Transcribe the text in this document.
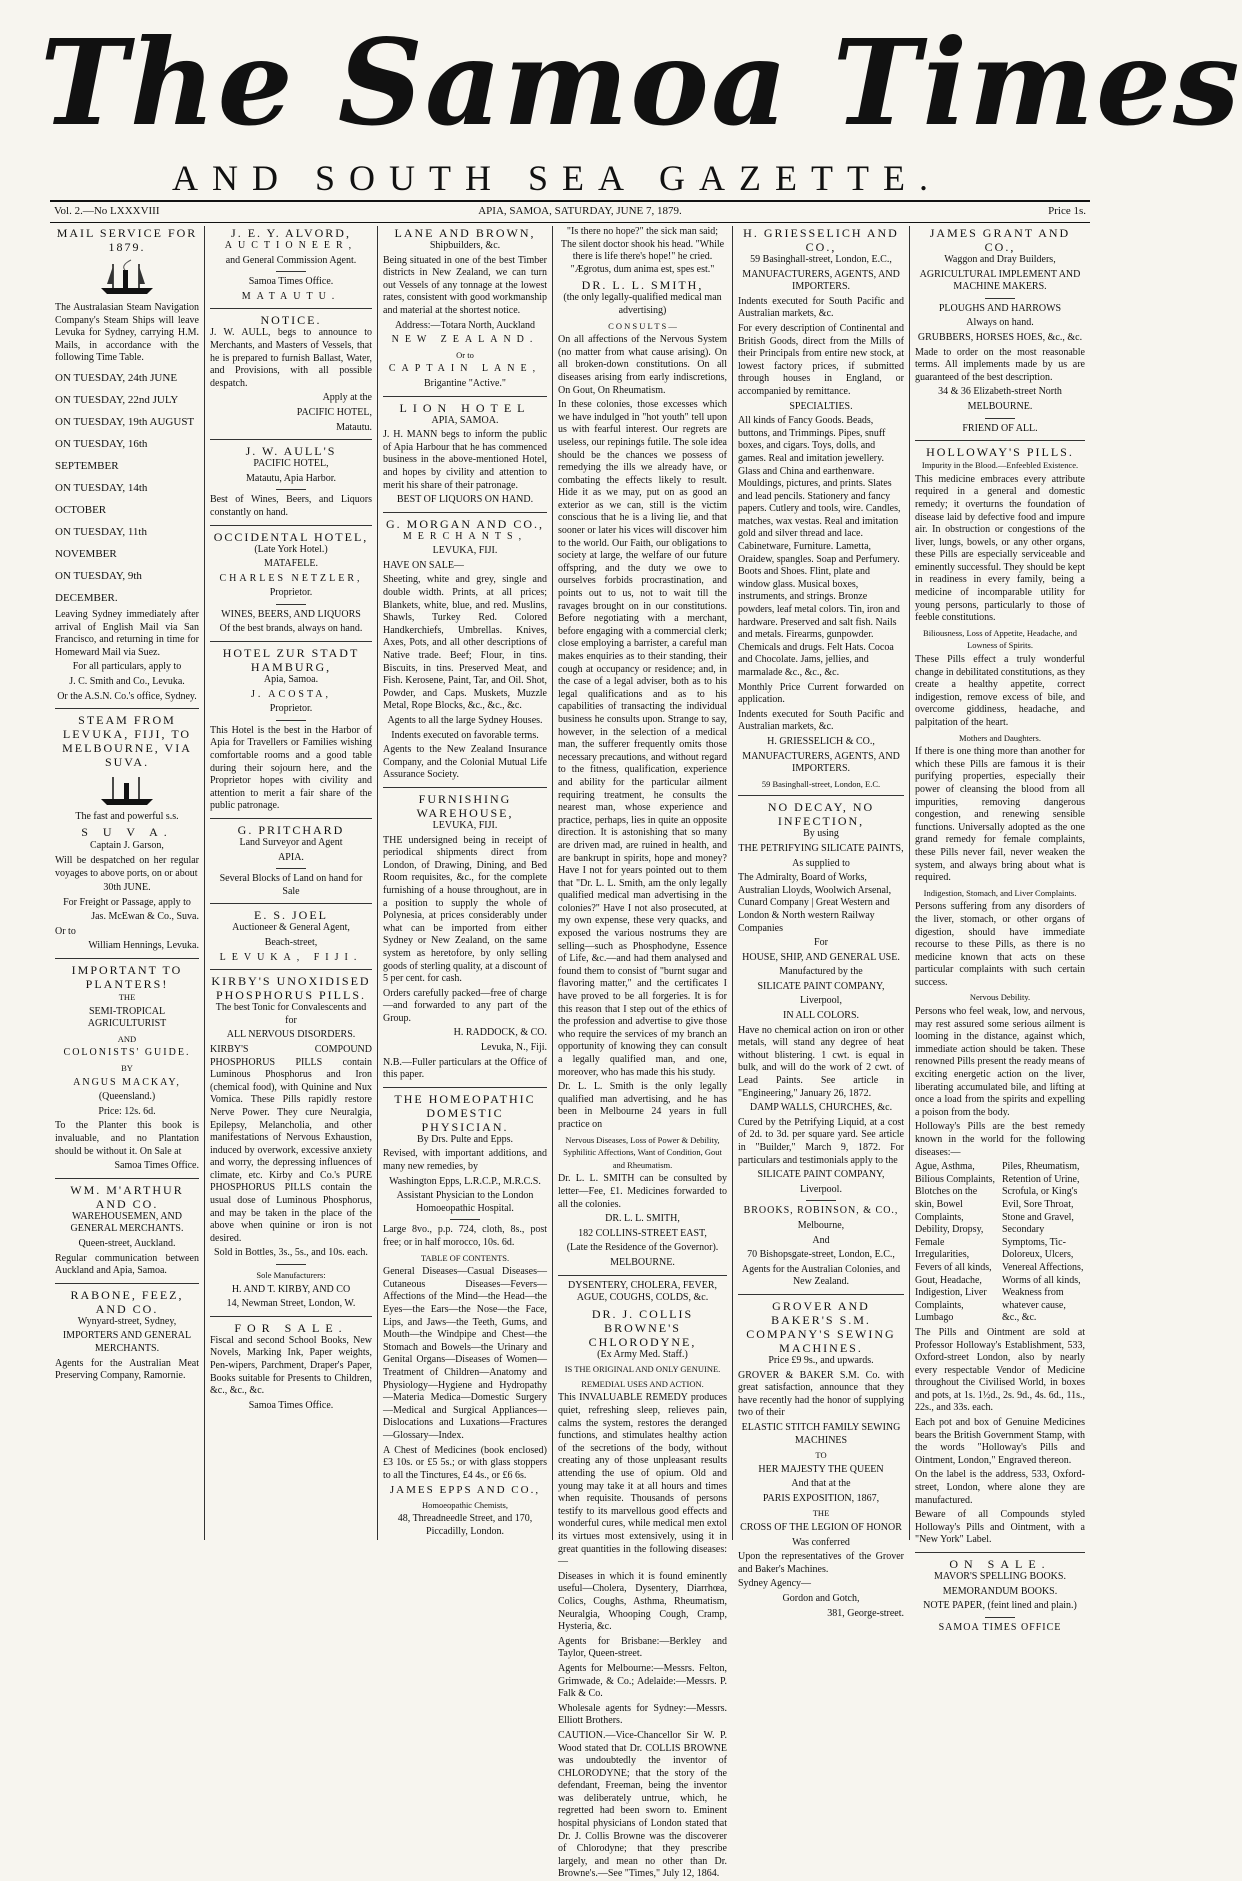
The Samoa Times
AND SOUTH SEA GAZETTE.
Vol. 2.—No LXXXVIII	APIA, SAMOA, SATURDAY, JUNE 7, 1879.	Price 1s.

MAIL SERVICE FOR 1879.

The Australasian Steam Navigation Company's Steam Ships will leave Levuka for Sydney, carrying H.M. Mails, in accordance with the following Time Table.

ON TUESDAY, 24th JUNE
ON TUESDAY, 22nd JULY
ON TUESDAY, 19th AUGUST
ON TUESDAY, 16th SEPTEMBER
ON TUESDAY, 14th OCTOBER
ON TUESDAY, 11th NOVEMBER
ON TUESDAY, 9th DECEMBER.

Leaving Sydney immediately after arrival of English Mail via San Francisco, and returning in time for Homeward Mail via Suez.

For all particulars, apply to

J. C. Smith and Co., Levuka.

Or the A.S.N. Co.'s office, Sydney.

STEAM FROM LEVUKA, FIJI, TO MELBOURNE, VIA SUVA.

The fast and powerful s.s.

S U V A.

Captain J. Garson,

Will be despatched on her regular voyages to above ports, on or about

30th JUNE.

For Freight or Passage, apply to

Jas. McEwan & Co., Suva.

Or to

William Hennings, Levuka.

IMPORTANT TO PLANTERS!

THE

SEMI-TROPICAL AGRICULTURIST

AND

COLONISTS' GUIDE.

BY

ANGUS MACKAY,

(Queensland.)

Price: 12s. 6d.

To the Planter this book is invaluable, and no Plantation should be without it. On Sale at

Samoa Times Office.

WM. M'ARTHUR AND CO.

WAREHOUSEMEN, AND GENERAL MERCHANTS.

Queen-street, Auckland.

Regular communication between Auckland and Apia, Samoa.

RABONE, FEEZ, AND CO.

Wynyard-street, Sydney,

IMPORTERS AND GENERAL MERCHANTS.

Agents for the Australian Meat Preserving Company, Ramornie.

J. E. Y. ALVORD,

AUCTIONEER,

and General Commission Agent.

Samoa Times Office.

MATAUTU.

NOTICE.

J. W. AULL, begs to announce to Merchants, and Masters of Vessels, that he is prepared to furnish Ballast, Water, and Provisions, with all possible despatch.

Apply at the

PACIFIC HOTEL,

Matautu.

J. W. AULL'S

PACIFIC HOTEL,

Matautu, Apia Harbor.

Best of Wines, Beers, and Liquors constantly on hand.

OCCIDENTAL HOTEL,

(Late York Hotel.)

MATAFELE.

CHARLES NETZLER,

Proprietor.

WINES, BEERS, AND LIQUORS

Of the best brands, always on hand.

HOTEL ZUR STADT HAMBURG,

Apia, Samoa.

J. ACOSTA,

Proprietor.

This Hotel is the best in the Harbor of Apia for Travellers or Families wishing comfortable rooms and a good table during their sojourn here, and the Proprietor hopes with civility and attention to merit a fair share of the public patronage.

G. PRITCHARD

Land Surveyor and Agent

APIA.

Several Blocks of Land on hand for Sale

E. S. JOEL

Auctioneer & General Agent,

Beach-street,

LEVUKA, FIJI.

KIRBY'S UNOXIDISED PHOSPHORUS PILLS.

The best Tonic for Convalescents and for

ALL NERVOUS DISORDERS.

KIRBY'S COMPOUND PHOSPHORUS PILLS contain Luminous Phosphorus and Iron (chemical food), with Quinine and Nux Vomica. These Pills rapidly restore Nerve Power. They cure Neuralgia, Epilepsy, Melancholia, and other manifestations of Nervous Exhaustion, induced by overwork, excessive anxiety and worry, the depressing influences of climate, etc. Kirby and Co.'s PURE PHOSPHORUS PILLS contain the usual dose of Luminous Phosphorus, and may be taken in the place of the above when quinine or iron is not desired.

Sold in Bottles, 3s., 5s., and 10s. each.

Sole Manufacturers:

H. AND T. KIRBY, AND CO

14, Newman Street, London, W.

FOR SALE.

Fiscal and second School Books, New Novels, Marking Ink, Paper weights, Pen-wipers, Parchment, Draper's Paper, Books suitable for Presents to Children, &c., &c., &c.

Samoa Times Office.

LANE AND BROWN,

Shipbuilders, &c.

Being situated in one of the best Timber districts in New Zealand, we can turn out Vessels of any tonnage at the lowest rates, consistent with good workmanship and material at the shortest notice.

Address:—Totara North, Auckland

NEW ZEALAND.

Or to

CAPTAIN LANE,

Brigantine "Active."

LION HOTEL

APIA, SAMOA.

J. H. MANN begs to inform the public of Apia Harbour that he has commenced business in the above-mentioned Hotel, and hopes by civility and attention to merit his share of their patronage.

BEST OF LIQUORS ON HAND.

G. MORGAN AND CO.,

MERCHANTS,

LEVUKA, FIJI.

HAVE ON SALE—

Sheeting, white and grey, single and double width. Prints, at all prices; Blankets, white, blue, and red. Muslins, Shawls, Turkey Red. Colored Handkerchiefs, Umbrellas. Knives, Axes, Pots, and all other descriptions of Native trade. Beef; Flour, in tins. Biscuits, in tins. Preserved Meat, and Fish. Kerosene, Paint, Tar, and Oil. Shot, Powder, and Caps. Muskets, Muzzle Metal, Rope Blocks, &c., &c., &c.

Agents to all the large Sydney Houses.

Indents executed on favorable terms.

Agents to the New Zealand Insurance Company, and the Colonial Mutual Life Assurance Society.

FURNISHING WAREHOUSE,

LEVUKA, FIJI.

THE undersigned being in receipt of periodical shipments direct from London, of Drawing, Dining, and Bed Room requisites, &c., for the complete furnishing of a house throughout, are in a position to supply the whole of Polynesia, at prices considerably under what can be imported from either Sydney or New Zealand, on the same system as heretofore, by only selling goods of sterling quality, at a discount of 5 per cent. for cash.

Orders carefully packed—free of charge—and forwarded to any part of the Group.

H. RADDOCK, & CO.

Levuka, N., Fiji.

N.B.—Fuller particulars at the Office of this paper.

THE HOMEOPATHIC DOMESTIC PHYSICIAN.

By Drs. Pulte and Epps.

Revised, with important additions, and many new remedies, by

Washington Epps, L.R.C.P., M.R.C.S.

Assistant Physician to the London Homoeopathic Hospital.

Large 8vo., p.p. 724, cloth, 8s., post free; or in half morocco, 10s. 6d.

TABLE OF CONTENTS.

General Diseases—Casual Diseases—Cutaneous Diseases—Fevers—Affections of the Mind—the Head—the Eyes—the Ears—the Nose—the Face, Lips, and Jaws—the Teeth, Gums, and Mouth—the Windpipe and Chest—the Stomach and Bowels—the Urinary and Genital Organs—Diseases of Women—Treatment of Children—Anatomy and Physiology—Hygiene and Hydropathy—Materia Medica—Domestic Surgery—Medical and Surgical Appliances—Dislocations and Luxations—Fractures—Glossary—Index.

A Chest of Medicines (book enclosed) £3 10s. or £5 5s.; or with glass stoppers to all the Tinctures, £4 4s., or £6 6s.

JAMES EPPS AND CO.,

Homoeopathic Chemists,

48, Threadneedle Street, and 170, Piccadilly, London.

"Is there no hope?" the sick man said; The silent doctor shook his head. "While there is life there's hope!" he cried. "Ægrotus, dum anima est, spes est."

DR. L. L. SMITH,

(the only legally-qualified medical man advertising)

C O N S U L T S —

On all affections of the Nervous System (no matter from what cause arising). On all broken-down constitutions. On all diseases arising from early indiscretions, On Gout, On Rheumatism.

In these colonies, those excesses which we have indulged in "hot youth" tell upon us with fearful interest. Our regrets are useless, our repinings futile. The sole idea should be the chances we possess of remedying the ills we already have, or combating the effects likely to result. Hide it as we may, put on as good an exterior as we can, still is the victim conscious that he is a living lie, and that sooner or later his vices will discover him to the world. Our Faith, our obligations to society at large, the welfare of our future offspring, and the duty we owe to ourselves forbids procrastination, and points out to us, not to wait till the ravages brought on in our constitutions. Before negotiating with a merchant, before engaging with a commercial clerk; close employing a barrister, a careful man makes enquiries as to their standing, their cough at occupancy or residence; and, in the case of a legal adviser, both as to his legal qualifications and as to his capabilities of transacting the individual business he consults upon. Strange to say, however, in the selection of a medical man, the sufferer frequently omits those necessary precautions, and without regard to the fitness, qualification, experience and ability for the particular ailment requiring treatment, he consults the nearest man, whose experience and practice, perhaps, lies in quite an opposite direction. It is astonishing that so many are driven mad, are ruined in health, and are bankrupt in spirits, hope and money? Have I not for years pointed out to them that "Dr. L. L. Smith, am the only legally qualified medical man advertising in the colonies?" Have I not also prosecuted, at my own expense, these very quacks, and exposed the various nostrums they are selling—such as Phosphodyne, Essence of Life, &c.—and had them analysed and found them to consist of "burnt sugar and flavoring matter," and the certificates I have proved to be all forgeries. It is for this reason that I step out of the ethics of the profession and advertise to give those who require the services of my branch an opportunity of knowing they can consult a legally qualified man, and one, moreover, who has made this his study.

Dr. L. L. Smith is the only legally qualified man advertising, and he has been in Melbourne 24 years in full practice on

Nervous Diseases, Loss of Power & Debility, Syphilitic Affections, Want of Condition, Gout and Rheumatism.

Dr. L. L. SMITH can be consulted by letter—Fee, £1. Medicines forwarded to all the colonies.

DR. L. L. SMITH,

182 COLLINS-STREET EAST,

(Late the Residence of the Governor).

MELBOURNE.

DYSENTERY, CHOLERA, FEVER, AGUE, COUGHS, COLDS, &c.

DR. J. COLLIS BROWNE'S CHLORODYNE,

(Ex Army Med. Staff.)

IS THE ORIGINAL AND ONLY GENUINE.

REMEDIAL USES AND ACTION.

This INVALUABLE REMEDY produces quiet, refreshing sleep, relieves pain, calms the system, restores the deranged functions, and stimulates healthy action of the secretions of the body, without creating any of those unpleasant results attending the use of opium. Old and young may take it at all hours and times when requisite. Thousands of persons testify to its marvellous good effects and wonderful cures, while medical men extol its virtues most extensively, using it in great quantities in the following diseases:—

Diseases in which it is found eminently useful—Cholera, Dysentery, Diarrhœa, Colics, Coughs, Asthma, Rheumatism, Neuralgia, Whooping Cough, Cramp, Hysteria, &c.

Agents for Brisbane:—Berkley and Taylor, Queen-street.

Agents for Melbourne:—Messrs. Felton, Grimwade, & Co.; Adelaide:—Messrs. P. Falk & Co.

Wholesale agents for Sydney:—Messrs. Elliott Brothers.

CAUTION.—Vice-Chancellor Sir W. P. Wood stated that Dr. COLLIS BROWNE was undoubtedly the inventor of CHLORODYNE; that the story of the defendant, Freeman, being the inventor was deliberately untrue, which, he regretted had been sworn to. Eminent hospital physicians of London stated that Dr. J. Collis Browne was the discoverer of Chlorodyne; that they prescribe largely, and mean no other than Dr. Browne's.—See "Times," July 12, 1864.

H. GRIESSELICH AND CO.,

59 Basinghall-street, London, E.C.,

MANUFACTURERS, AGENTS, AND IMPORTERS.

Indents executed for South Pacific and Australian markets, &c.

For every description of Continental and British Goods, direct from the Mills of their Principals from entire new stock, at lowest factory prices, if submitted through houses in England, or accompanied by remittance.

SPECIALTIES.

All kinds of Fancy Goods. Beads, buttons, and Trimmings. Pipes, snuff boxes, and cigars. Toys, dolls, and games. Real and imitation jewellery. Glass and China and earthenware. Mouldings, pictures, and prints. Slates and lead pencils. Stationery and fancy papers. Cutlery and tools, wire. Candles, matches, wax vestas. Real and imitation gold and silver thread and lace. Cabinetware, Furniture. Lametta, Oraidew, spangles. Soap and Perfumery. Boots and Shoes. Flint, plate and window glass. Musical boxes, instruments, and strings. Bronze powders, leaf metal colors. Tin, iron and hardware. Preserved and salt fish. Nails and metals. Firearms, gunpowder. Chemicals and drugs. Felt Hats. Cocoa and Chocolate. Jams, jellies, and marmalade &c., &c., &c.

Monthly Price Current forwarded on application.

Indents executed for South Pacific and Australian markets, &c.

H. GRIESSELICH & CO.,

MANUFACTURERS, AGENTS, AND IMPORTERS.

59 Basinghall-street, London, E.C.

NO DECAY, NO INFECTION,

By using

THE PETRIFYING SILICATE PAINTS,

As supplied to

The Admiralty, Board of Works, Australian Lloyds, Woolwich Arsenal, Cunard Company | Great Western and London & North western Railway Companies

For

HOUSE, SHIP, AND GENERAL USE.

Manufactured by the

SILICATE PAINT COMPANY,

Liverpool,

IN ALL COLORS.

Have no chemical action on iron or other metals, will stand any degree of heat without blistering. 1 cwt. is equal in bulk, and will do the work of 2 cwt. of Lead Paints. See article in "Engineering," January 26, 1872.

DAMP WALLS, CHURCHES, &c.

Cured by the Petrifying Liquid, at a cost of 2d. to 3d. per square yard. See article in "Builder," March 9, 1872. For particulars and testimonials apply to the

SILICATE PAINT COMPANY,

Liverpool.

BROOKS, ROBINSON, & CO.,

Melbourne,

And

70 Bishopsgate-street, London, E.C.,

Agents for the Australian Colonies, and New Zealand.

GROVER AND BAKER'S S.M. COMPANY'S SEWING MACHINES.

Price £9 9s., and upwards.

GROVER & BAKER S.M. Co. with great satisfaction, announce that they have recently had the honor of supplying two of their

ELASTIC STITCH FAMILY SEWING MACHINES

TO

HER MAJESTY THE QUEEN

And that at the

PARIS EXPOSITION, 1867,

THE

CROSS OF THE LEGION OF HONOR

Was conferred

Upon the representatives of the Grover and Baker's Machines.

Sydney Agency—

Gordon and Gotch,

381, George-street.

JAMES GRANT AND CO.,

Waggon and Dray Builders,

AGRICULTURAL IMPLEMENT AND MACHINE MAKERS.

PLOUGHS AND HARROWS

Always on hand.

GRUBBERS, HORSES HOES, &c., &c.

Made to order on the most reasonable terms. All implements made by us are guaranteed of the best description.

34 & 36 Elizabeth-street North

MELBOURNE.

FRIEND OF ALL.

HOLLOWAY'S PILLS.

Impurity in the Blood.—Enfeebled Existence.

This medicine embraces every attribute required in a general and domestic remedy; it overturns the foundation of disease laid by defective food and impure air. In obstruction or congestions of the liver, lungs, bowels, or any other organs, these Pills are especially serviceable and eminently successful. They should be kept in readiness in every family, being a medicine of incomparable utility for young persons, particularly to those of feeble constitutions.

Biliousness, Loss of Appetite, Headache, and Lowness of Spirits.

These Pills effect a truly wonderful change in debilitated constitutions, as they create a healthy appetite, correct indigestion, remove excess of bile, and overcome giddiness, headache, and palpitation of the heart.

Mothers and Daughters.

If there is one thing more than another for which these Pills are famous it is their purifying properties, especially their power of cleansing the blood from all impurities, removing dangerous congestion, and renewing sensible functions. Universally adopted as the one grand remedy for female complaints, these Pills never fail, never weaken the system, and always bring about what is required.

Indigestion, Stomach, and Liver Complaints.

Persons suffering from any disorders of the liver, stomach, or other organs of digestion, should have immediate recourse to these Pills, as there is no medicine known that acts on these particular complaints with such certain success.

Nervous Debility.

Persons who feel weak, low, and nervous, may rest assured some serious ailment is looming in the distance, against which, immediate action should be taken. These renowned Pills present the ready means of exciting energetic action on the liver, liberating accumulated bile, and lifting at once a load from the spirits and expelling a poison from the body.

Holloway's Pills are the best remedy known in the world for the following diseases:—

Ague, Asthma, Bilious Complaints, Blotches on the skin, Bowel Complaints, Debility, Dropsy, Female Irregularities, Fevers of all kinds, Gout, Headache, Indigestion, Liver Complaints, Lumbago

Piles, Rheumatism, Retention of Urine, Scrofula, or King's Evil, Sore Throat, Stone and Gravel, Secondary Symptoms, Tic-Doloreux, Ulcers, Venereal Affections, Worms of all kinds, Weakness from whatever cause, &c., &c.

The Pills and Ointment are sold at Professor Holloway's Establishment, 533, Oxford-street London, also by nearly every respectable Vendor of Medicine throughout the Civilised World, in boxes and pots, at 1s. 1½d., 2s. 9d., 4s. 6d., 11s., 22s., and 33s. each.

Each pot and box of Genuine Medicines bears the British Government Stamp, with the words "Holloway's Pills and Ointment, London," Engraved thereon.

On the label is the address, 533, Oxford-street, London, where alone they are manufactured.

Beware of all Compounds styled Holloway's Pills and Ointment, with a "New York" Label.

ON SALE.

MAVOR'S SPELLING BOOKS.

MEMORANDUM BOOKS.

NOTE PAPER, (feint lined and plain.)

SAMOA TIMES OFFICE
